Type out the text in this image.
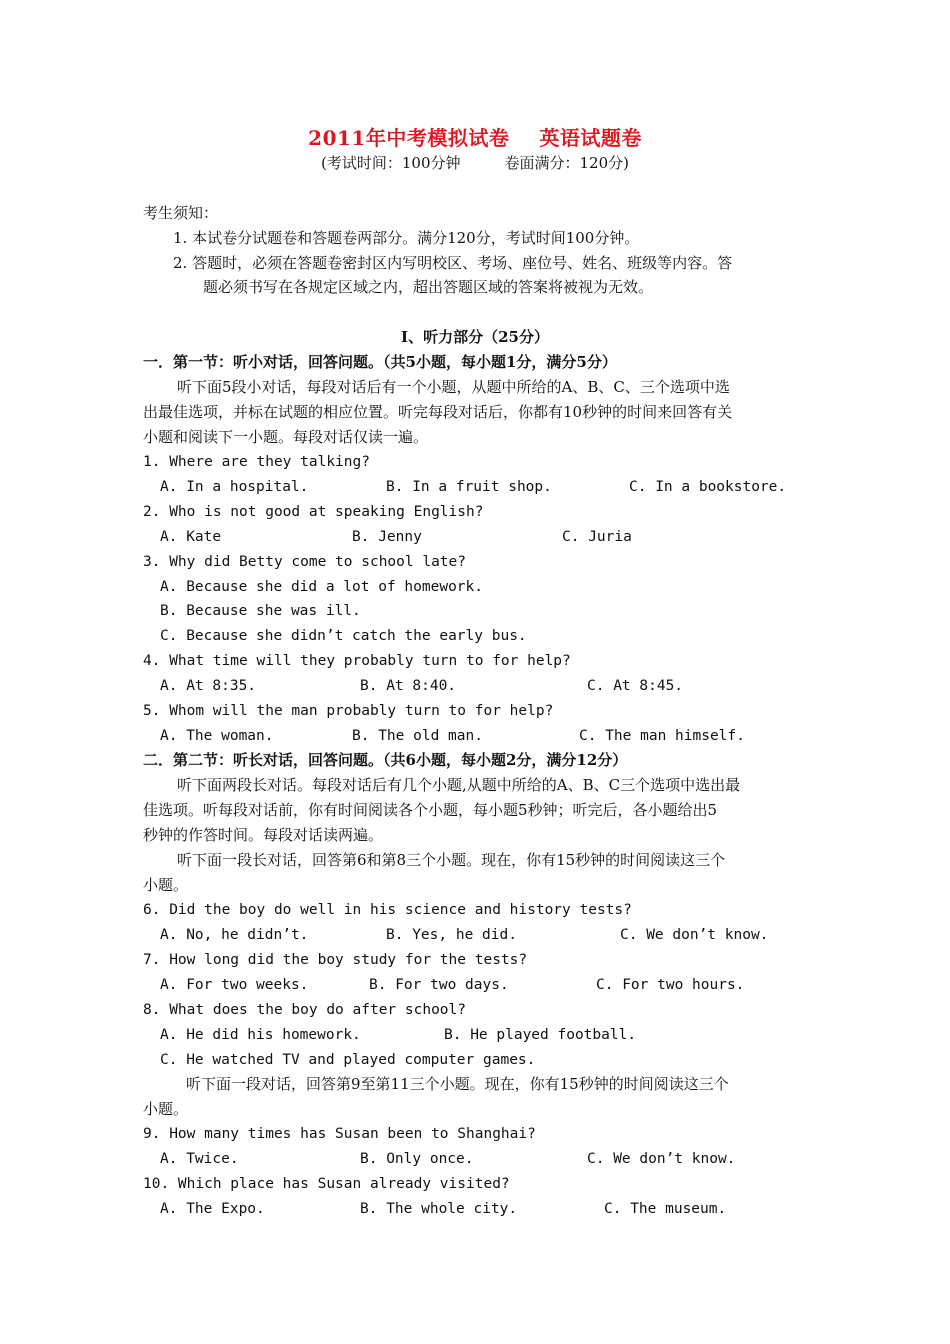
2011年中考模拟试卷 英语试题卷
(考试时间：100分钟	卷面满分：120分)
考生须知：
1. 本试卷分试题卷和答题卷两部分。满分120分，考试时间100分钟。
2. 答题时，必须在答题卷密封区内写明校区、考场、座位号、姓名、班级等内容。答
题必须书写在各规定区域之内，超出答题区域的答案将被视为无效。
I、听力部分（25分）
一．第一节：听小对话，回答问题。（共5小题，每小题1分，满分5分）
听下面5段小对话，每段对话后有一个小题，从题中所给的A、B、C、三个选项中选
出最佳选项，并标在试题的相应位置。听完每段对话后，你都有10秒钟的时间来回答有关
小题和阅读下一小题。每段对话仅读一遍。
1. Where are they talking?
A. In a hospital.	B. In a fruit shop.	C. In a bookstore.
2. Who is not good at speaking English?
A. Kate	B. Jenny	C. Juria
3. Why did Betty come to school late?
A. Because she did a lot of homework.
B. Because she was ill.
C. Because she didn’t catch the early bus.
4. What time will they probably turn to for help?
A. At 8:35.	B. At 8:40.	C. At 8:45.
5. Whom will the man probably turn to for help?
A. The woman.	B. The old man.	C. The man himself.
二．第二节：听长对话，回答问题。（共6小题，每小题2分，满分12分）
听下面两段长对话。每段对话后有几个小题,从题中所给的A、B、C三个选项中选出最
佳选项。听每段对话前，你有时间阅读各个小题，每小题5秒钟；听完后，各小题给出5
秒钟的作答时间。每段对话读两遍。
听下面一段长对话，回答第6和第8三个小题。现在，你有15秒钟的时间阅读这三个
小题。
6. Did the boy do well in his science and history tests?
A. No, he didn’t.	B. Yes, he did.	C. We don’t know.
7. How long did the boy study for the tests?
A. For two weeks.	B. For two days.	C. For two hours.
8. What does the boy do after school?
A. He did his homework.	B. He played football.
C. He watched TV and played computer games.
听下面一段对话，回答第9至第11三个小题。现在，你有15秒钟的时间阅读这三个
小题。
9. How many times has Susan been to Shanghai?
A. Twice.	B. Only once.	C. We don’t know.
10. Which place has Susan already visited?
A. The Expo.	B. The whole city.	C. The museum.
